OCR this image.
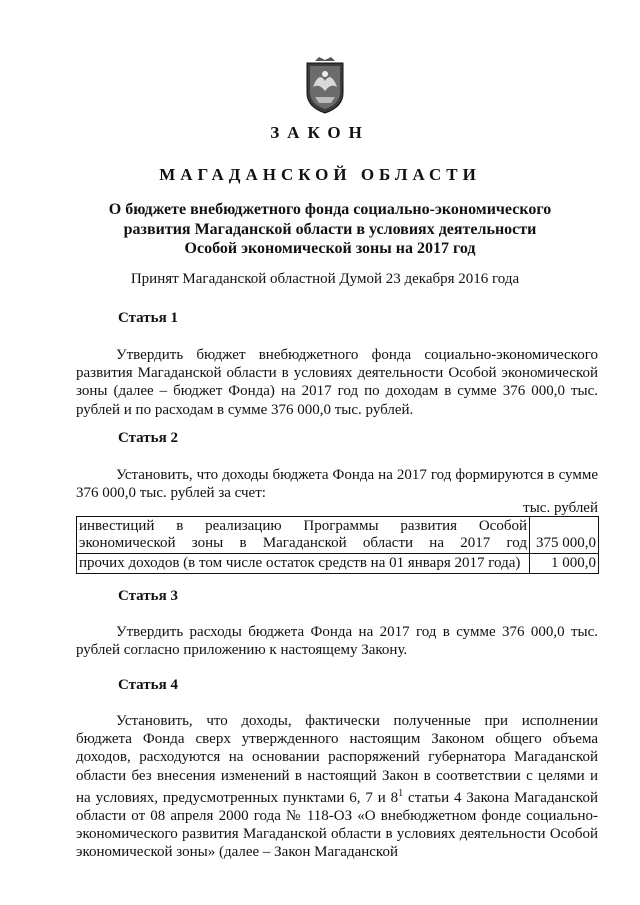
ЗАКОН
МАГАДАНСКОЙ ОБЛАСТИ
О бюджете внебюджетного фонда социально-экономического
развития Магаданской области в условиях деятельности
Особой экономической зоны на 2017 год
Принят Магаданской областной Думой 23 декабря 2016 года
Статья 1
Утвердить бюджет внебюджетного фонда социально-экономического развития Магаданской области в условиях деятельности Особой экономической зоны (далее – бюджет Фонда) на 2017 год по доходам в сумме 376 000,0 тыс. рублей и по расходам в сумме 376 000,0 тыс. рублей.
Статья 2
Установить, что доходы бюджета Фонда на 2017 год формируются в сумме 376 000,0 тыс. рублей за счет:
тыс. рублей
инвестиций в реализацию Программы развития Особой экономической зоны в Магаданской области на 2017 год	375 000,0
прочих доходов (в том числе остаток средств на 01 января 2017 года)	1 000,0
Статья 3
Утвердить расходы бюджета Фонда на 2017 год в сумме 376 000,0 тыс. рублей согласно приложению к настоящему Закону.
Статья 4
Установить, что доходы, фактически полученные при исполнении бюджета Фонда сверх утвержденного настоящим Законом общего объема доходов, расходуются на основании распоряжений губернатора Магаданской области без внесения изменений в настоящий Закон в соответствии с целями и на условиях, предусмотренных пунктами 6, 7 и $8^1$ статьи 4 Закона Магаданской области от 08 апреля 2000 года № 118-ОЗ «О внебюджетном фонде социально-экономического развития Магаданской области в условиях деятельности Особой экономической зоны» (далее – Закон Магаданской
